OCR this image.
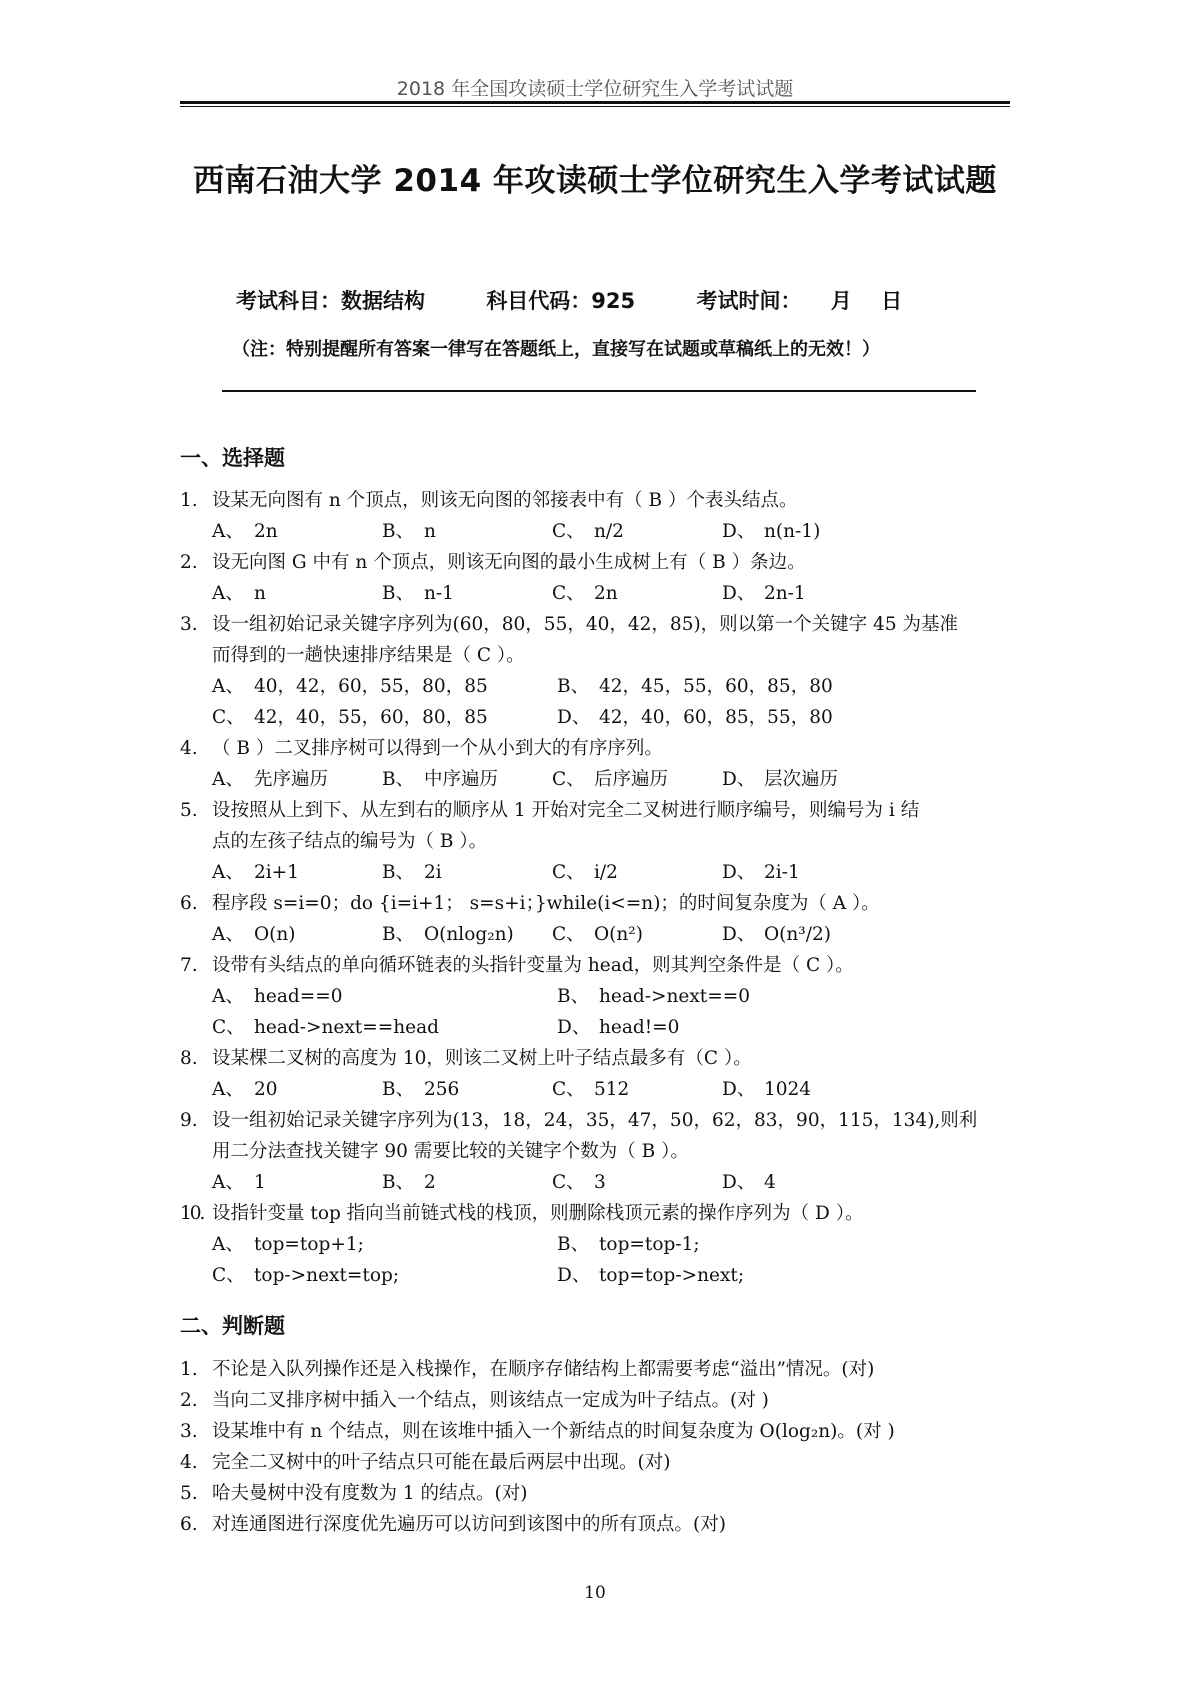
2018 年全国攻读硕士学位研究生入学考试试题
西南石油大学 2014 年攻读硕士学位研究生入学考试试题
考试科目：数据结构	科目代码：925	考试时间： 月 日
（注：特别提醒所有答案一律写在答题纸上，直接写在试题或草稿纸上的无效！）
一、选择题
1. 设某无向图有 n 个顶点，则该无向图的邻接表中有（ B ）个表头结点。
A、 2n	B、 n	C、 n/2	D、 n(n-1)
2. 设无向图 G 中有 n 个顶点，则该无向图的最小生成树上有（ B ）条边。
A、 n	B、 n-1	C、 2n	D、 2n-1
3. 设一组初始记录关键字序列为(60，80，55，40，42，85)，则以第一个关键字 45 为基准
而得到的一趟快速排序结果是（ C ）。
A、 40，42，60，55，80，85	B、 42，45，55，60，85，80
C、 42，40，55，60，80，85	D、 42，40，60，85，55，80
4. （ B ）二叉排序树可以得到一个从小到大的有序序列。
A、 先序遍历	B、 中序遍历	C、 后序遍历	D、 层次遍历
5. 设按照从上到下、从左到右的顺序从 1 开始对完全二叉树进行顺序编号，则编号为 i 结
点的左孩子结点的编号为（ B ）。
A、 2i+1	B、 2i	C、 i/2	D、 2i-1
6. 程序段 s=i=0；do {i=i+1； s=s+i；}while(i<=n)；的时间复杂度为（ A ）。
A、 O(n)	B、 O(nlog₂n) C、 O(n²)	D、 O(n³/2)
7. 设带有头结点的单向循环链表的头指针变量为 head，则其判空条件是（ C ）。
A、 head==0	B、 head->next==0
C、 head->next==head	D、 head!=0
8. 设某棵二叉树的高度为 10，则该二叉树上叶子结点最多有（C ）。
A、 20	B、 256	C、 512	D、 1024
9. 设一组初始记录关键字序列为(13，18，24，35，47，50，62，83，90，115，134),则利
用二分法查找关键字 90 需要比较的关键字个数为（ B ）。
A、 1	B、 2	C、 3	D、 4
10. 设指针变量 top 指向当前链式栈的栈顶，则删除栈顶元素的操作序列为（ D ）。
A、 top=top+1;	B、 top=top-1;
C、 top->next=top;	D、 top=top->next;
二、判断题
1. 不论是入队列操作还是入栈操作，在顺序存储结构上都需要考虑“溢出”情况。(对)
2. 当向二叉排序树中插入一个结点，则该结点一定成为叶子结点。(对 )
3. 设某堆中有 n 个结点，则在该堆中插入一个新结点的时间复杂度为 O(log₂n)。(对 )
4. 完全二叉树中的叶子结点只可能在最后两层中出现。(对)
5. 哈夫曼树中没有度数为 1 的结点。(对)
6. 对连通图进行深度优先遍历可以访问到该图中的所有顶点。(对)
10
